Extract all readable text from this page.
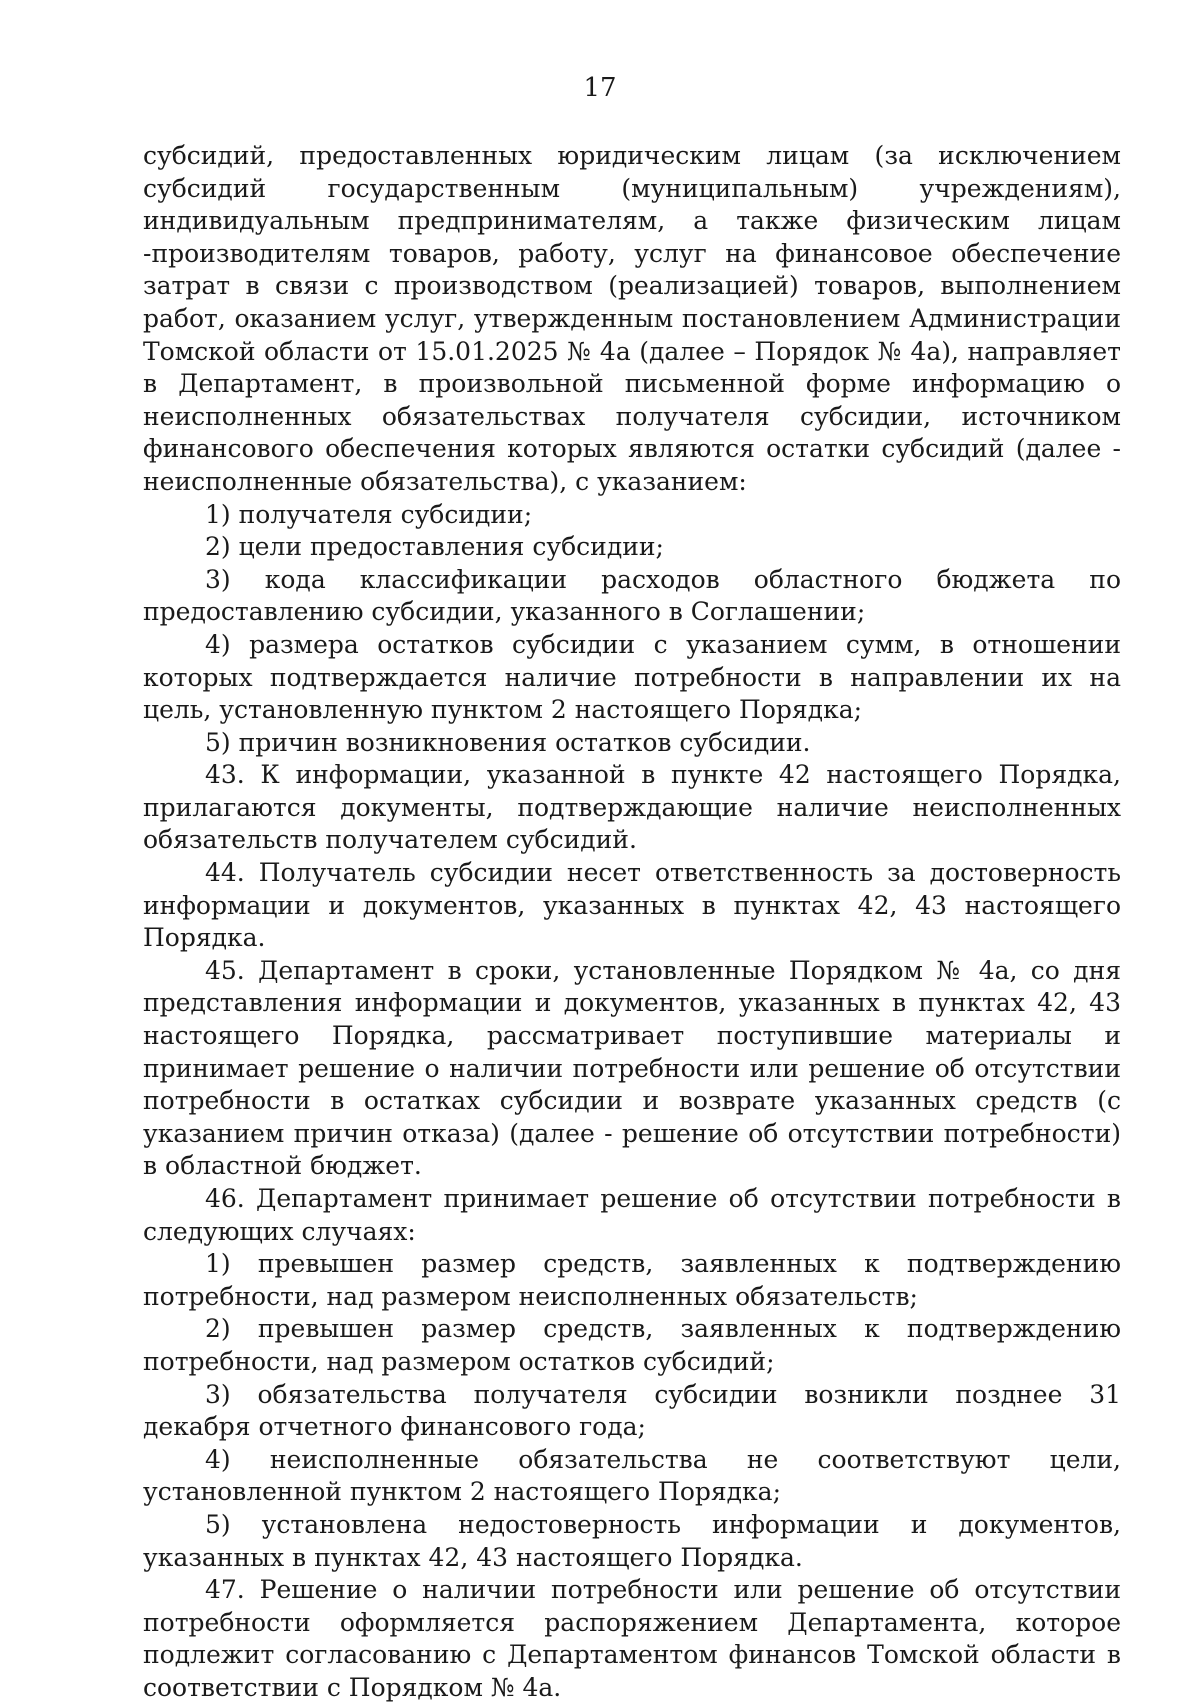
17

субсидий, предоставленных юридическим лицам (за исключением субсидий государственным (муниципальным) учреждениям), индивидуальным предпринимателям, а также физическим лицам -производителям товаров, работу, услуг на финансовое обеспечение затрат в связи с производством (реализацией) товаров, выполнением работ, оказанием услуг, утвержденным постановлением Администрации Томской области от 15.01.2025 № 4а (далее – Порядок № 4а), направляет в Департамент, в произвольной письменной форме информацию о неисполненных обязательствах получателя субсидии, источником финансового обеспечения которых являются остатки субсидий (далее - неисполненные обязательства), с указанием:

1) получателя субсидии;

2) цели предоставления субсидии;

3) кода классификации расходов областного бюджета по предоставлению субсидии, указанного в Соглашении;

4) размера остатков субсидии с указанием сумм, в отношении которых подтверждается наличие потребности в направлении их на цель, установленную пунктом 2 настоящего Порядка;

5) причин возникновения остатков субсидии.

43. К информации, указанной в пункте 42 настоящего Порядка, прилагаются документы, подтверждающие наличие неисполненных обязательств получателем субсидий.

44. Получатель субсидии несет ответственность за достоверность информации и документов, указанных в пунктах 42, 43 настоящего Порядка.

45. Департамент в сроки, установленные Порядком № 4а, со дня представления информации и документов, указанных в пунктах 42, 43 настоящего Порядка, рассматривает поступившие материалы и принимает решение о наличии потребности или решение об отсутствии потребности в остатках субсидии и возврате указанных средств (с указанием причин отказа) (далее - решение об отсутствии потребности) в областной бюджет.

46. Департамент принимает решение об отсутствии потребности в следующих случаях:

1) превышен размер средств, заявленных к подтверждению потребности, над размером неисполненных обязательств;

2) превышен размер средств, заявленных к подтверждению потребности, над размером остатков субсидий;

3) обязательства получателя субсидии возникли позднее 31 декабря отчетного финансового года;

4) неисполненные обязательства не соответствуют цели, установленной пунктом 2 настоящего Порядка;

5) установлена недостоверность информации и документов, указанных в пунктах 42, 43 настоящего Порядка.

47. Решение о наличии потребности или решение об отсутствии потребности оформляется распоряжением Департамента, которое подлежит согласованию с Департаментом финансов Томской области в соответствии с Порядком № 4а.
